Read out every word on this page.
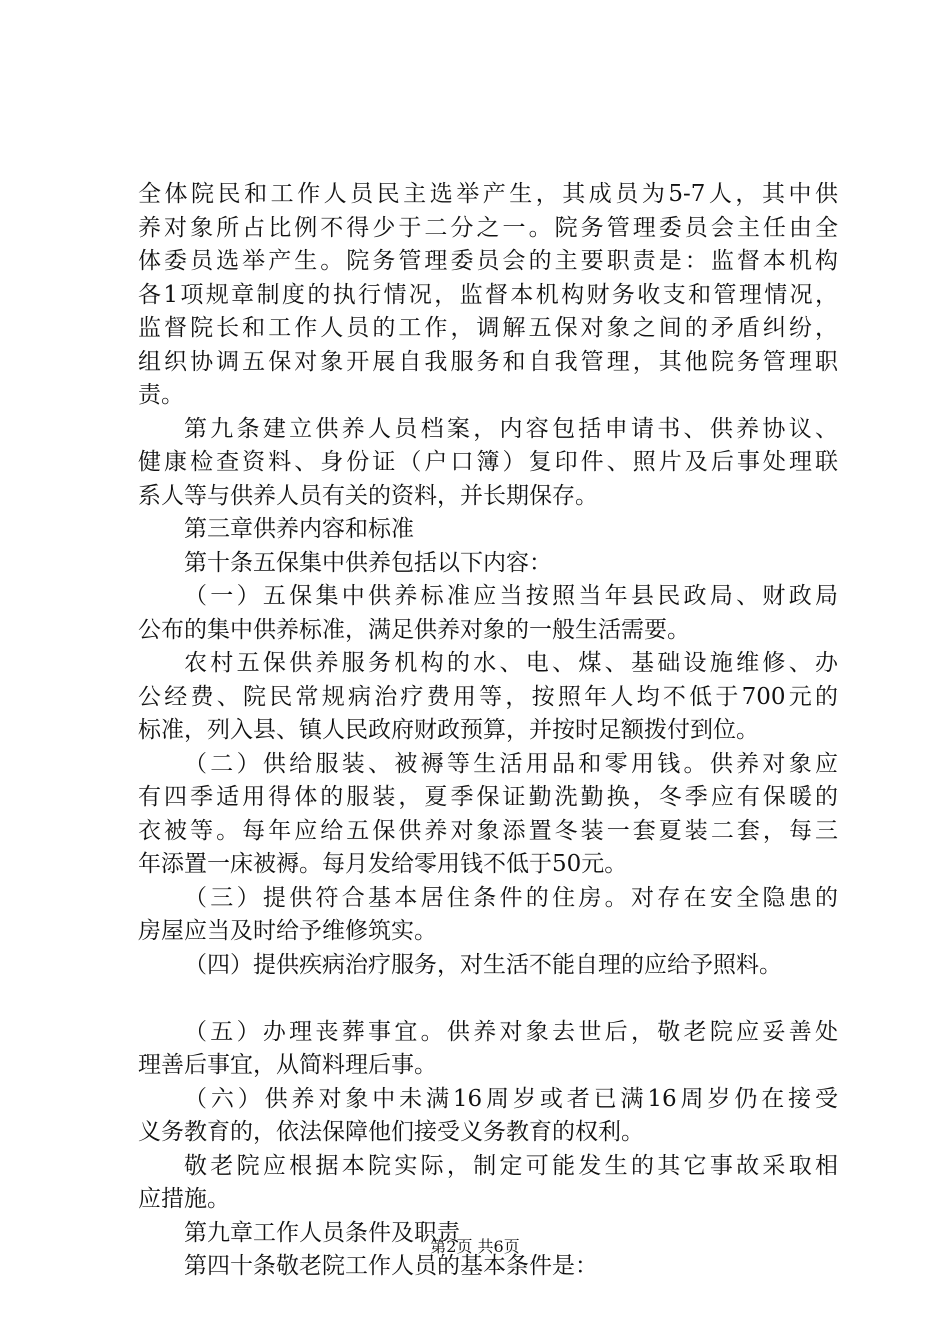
全体院民和工作人员民主选举产生，其成员为5-7人，其中供
养对象所占比例不得少于二分之一。院务管理委员会主任由全
体委员选举产生。院务管理委员会的主要职责是：监督本机构
各1项规章制度的执行情况，监督本机构财务收支和管理情况，
监督院长和工作人员的工作，调解五保对象之间的矛盾纠纷，
组织协调五保对象开展自我服务和自我管理，其他院务管理职
责。
第九条建立供养人员档案，内容包括申请书、供养协议、
健康检查资料、身份证（户口簿）复印件、照片及后事处理联
系人等与供养人员有关的资料，并长期保存。
第三章供养内容和标准
第十条五保集中供养包括以下内容：
（一）五保集中供养标准应当按照当年县民政局、财政局
公布的集中供养标准，满足供养对象的一般生活需要。
农村五保供养服务机构的水、电、煤、基础设施维修、办
公经费、院民常规病治疗费用等，按照年人均不低于700元的
标准，列入县、镇人民政府财政预算，并按时足额拨付到位。
（二）供给服装、被褥等生活用品和零用钱。供养对象应
有四季适用得体的服装，夏季保证勤洗勤换，冬季应有保暖的
衣被等。每年应给五保供养对象添置冬装一套夏装二套，每三
年添置一床被褥。每月发给零用钱不低于50元。
（三）提供符合基本居住条件的住房。对存在安全隐患的
房屋应当及时给予维修筑实。
（四）提供疾病治疗服务，对生活不能自理的应给予照料。
（五）办理丧葬事宜。供养对象去世后，敬老院应妥善处
理善后事宜，从简料理后事。
（六）供养对象中未满16周岁或者已满16周岁仍在接受
义务教育的，依法保障他们接受义务教育的权利。
敬老院应根据本院实际，制定可能发生的其它事故采取相
应措施。
第九章工作人员条件及职责
第四十条敬老院工作人员的基本条件是：
第2页 共6页
